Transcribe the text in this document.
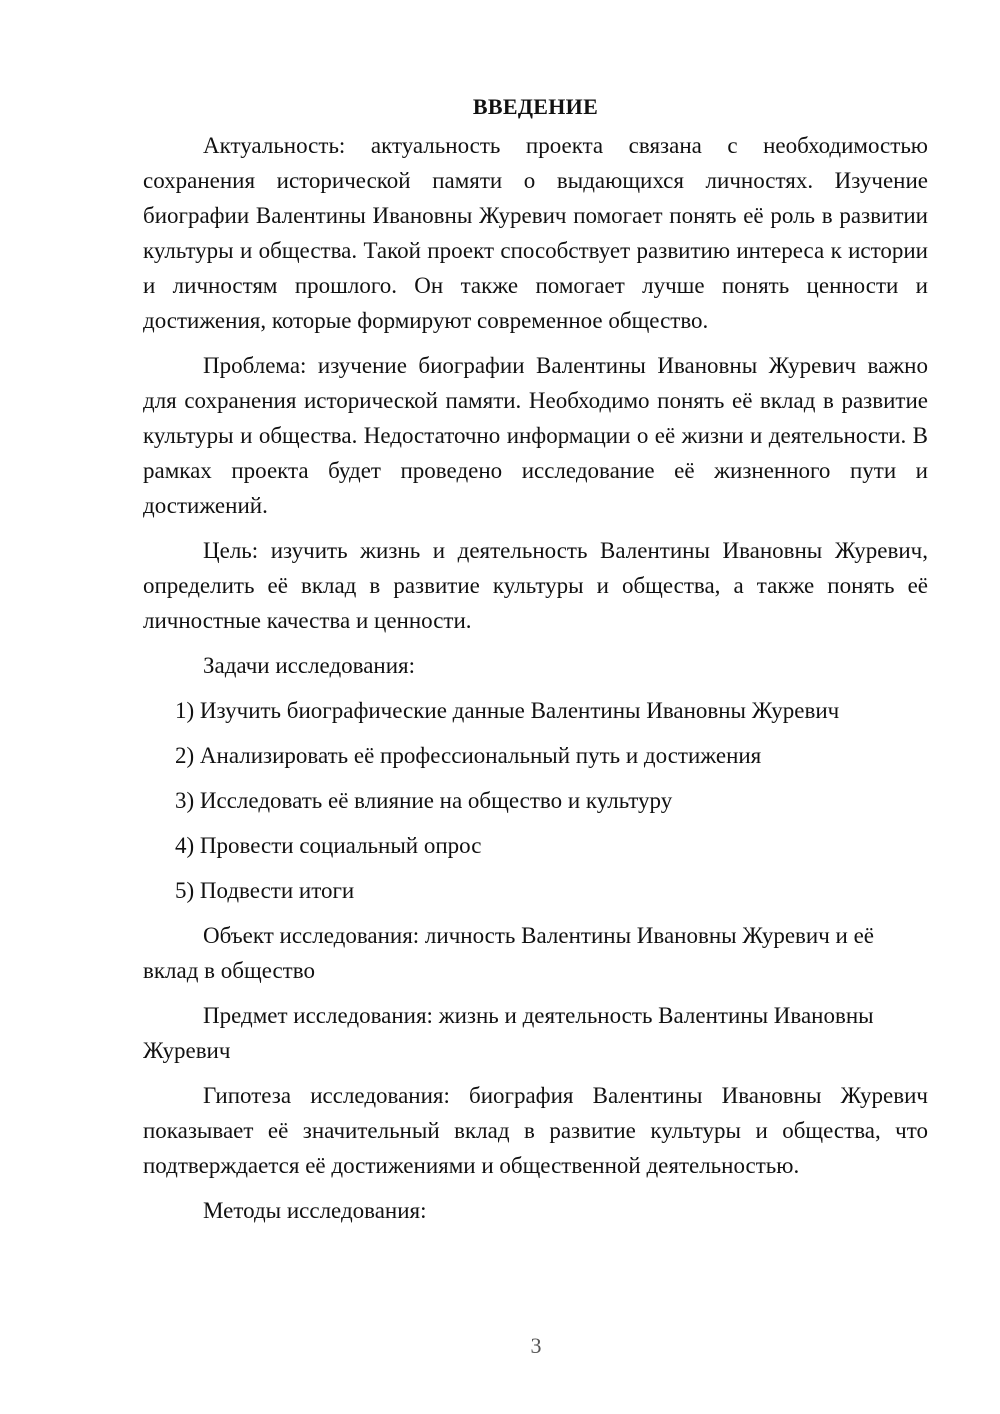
ВВЕДЕНИЕ

Актуальность: актуальность проекта связана с необходимостью сохранения исторической памяти о выдающихся личностях. Изучение биографии Валентины Ивановны Журевич помогает понять её роль в развитии культуры и общества. Такой проект способствует развитию интереса к истории и личностям прошлого. Он также помогает лучше понять ценности и достижения, которые формируют современное общество.

Проблема: изучение биографии Валентины Ивановны Журевич важно для сохранения исторической памяти. Необходимо понять её вклад в развитие культуры и общества. Недостаточно информации о её жизни и деятельности. В рамках проекта будет проведено исследование её жизненного пути и достижений.

Цель: изучить жизнь и деятельность Валентины Ивановны Журевич, определить её вклад в развитие культуры и общества, а также понять её личностные качества и ценности.

Задачи исследования:

1) Изучить биографические данные Валентины Ивановны Журевич
2) Анализировать её профессиональный путь и достижения
3) Исследовать её влияние на общество и культуру
4) Провести социальный опрос
5) Подвести итоги

Объект исследования: личность Валентины Ивановны Журевич и её вклад в общество

Предмет исследования: жизнь и деятельность Валентины Ивановны Журевич

Гипотеза исследования: биография Валентины Ивановны Журевич показывает её значительный вклад в развитие культуры и общества, что подтверждается её достижениями и общественной деятельностью.

Методы исследования:

3
